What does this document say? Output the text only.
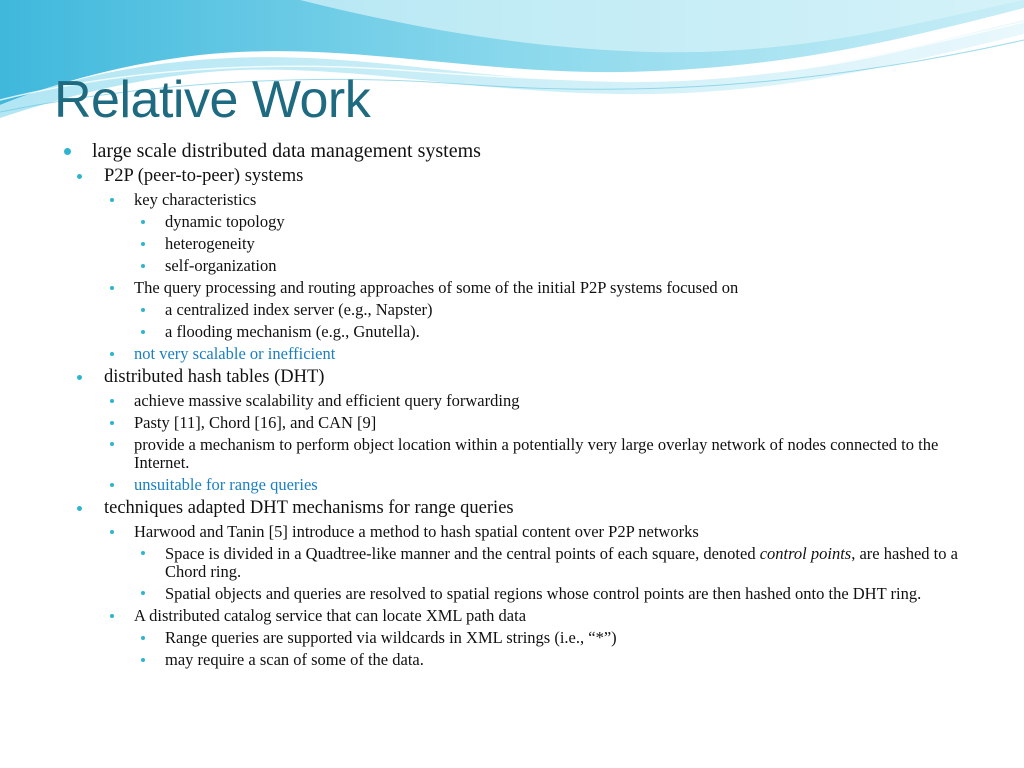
Relative Work
large scale distributed data management systems
P2P (peer-to-peer) systems
key characteristics
dynamic topology
heterogeneity
self-organization
The query processing and routing approaches of some of the initial P2P systems focused on
a centralized index server (e.g., Napster)
a flooding mechanism (e.g., Gnutella).
not very scalable or inefficient
distributed hash tables (DHT)
achieve massive scalability and efficient query forwarding
Pasty [11], Chord [16], and CAN [9]
provide a mechanism to perform object location within a potentially very large overlay network of nodes connected to the Internet.
unsuitable for range queries
techniques adapted DHT mechanisms for range queries
Harwood and Tanin [5] introduce a method to hash spatial content over P2P networks
Space is divided in a Quadtree-like manner and the central points of each square, denoted control points, are hashed to a Chord ring.
Spatial objects and queries are resolved to spatial regions whose control points are then hashed onto the DHT ring.
A distributed catalog service that can locate XML path data
Range queries are supported via wildcards in XML strings (i.e., “*”)
may require a scan of some of the data.
